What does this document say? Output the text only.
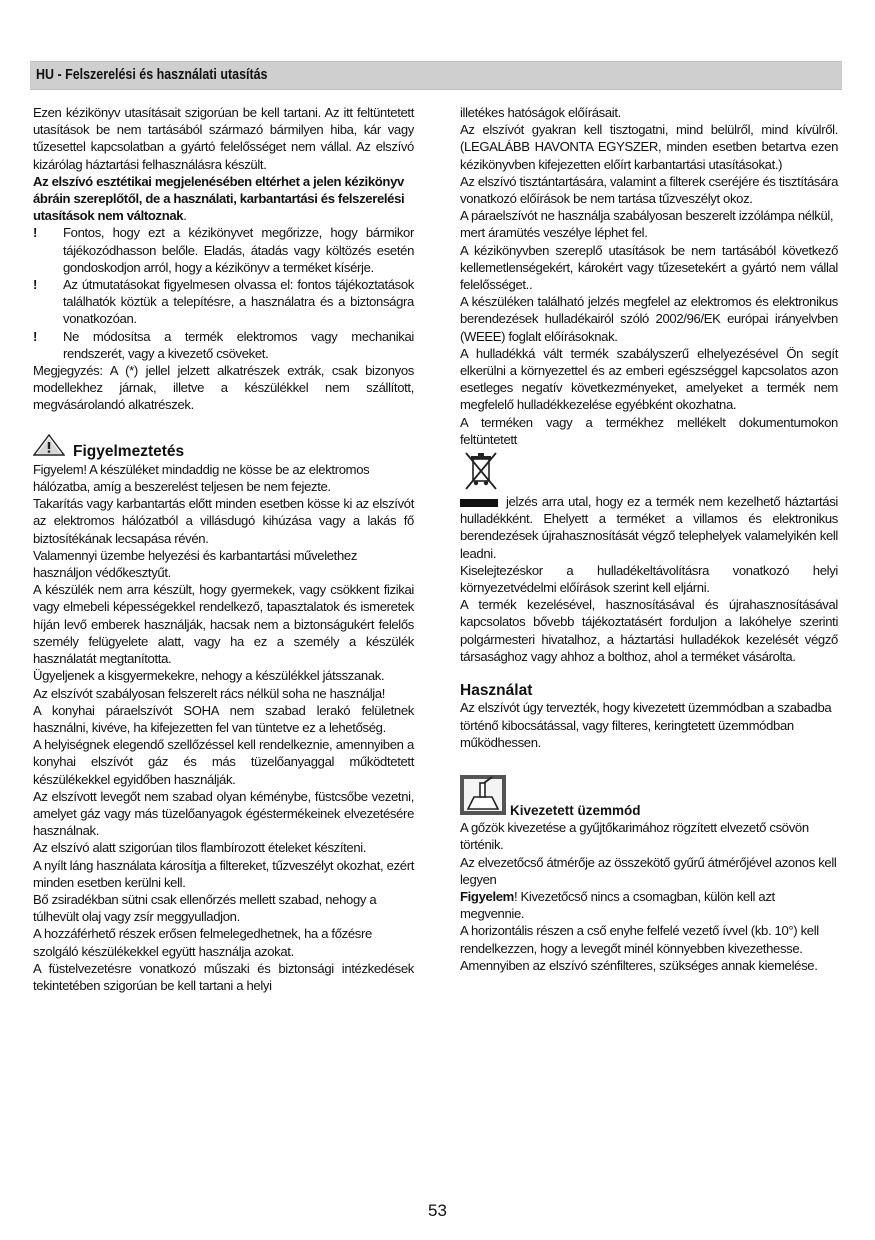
HU - Felszerelési és használati utasítás

Ezen kézikönyv utasításait szigorúan be kell tartani. Az itt feltüntetett utasítások be nem tartásából származó bármilyen hiba, kár vagy tűzesettel kapcsolatban a gyártó felelősséget nem vállal. Az elszívó kizárólag háztartási felhasználásra készült.

Az elszívó esztétikai megjelenésében eltérhet a jelen kézikönyv ábráin szereplőtől, de a használati, karbantartási és felszerelési utasítások nem változnak.

! Fontos, hogy ezt a kézikönyvet megőrizze, hogy bármikor tájékozódhasson belőle. Eladás, átadás vagy költözés esetén gondoskodjon arról, hogy a kézikönyv a terméket kísérje.
! Az útmutatásokat figyelmesen olvassa el: fontos tájékoztatások találhatók köztük a telepítésre, a használatra és a biztonságra vonatkozóan.
! Ne módosítsa a termék elektromos vagy mechanikai rendszerét, vagy a kivezető csöveket.

Megjegyzés: A (*) jellel jelzett alkatrészek extrák, csak bizonyos modellekhez járnak, illetve a készülékkel nem szállított, megvásárolandó alkatrészek.

Figyelmeztetés

Figyelem! A készüléket mindaddig ne kösse be az elektromos hálózatba, amíg a beszerelést teljesen be nem fejezte.

Takarítás vagy karbantartás előtt minden esetben kösse ki az elszívót az elektromos hálózatból a villásdugó kihúzása vagy a lakás fő biztosítékának lecsapása révén.

Valamennyi üzembe helyezési és karbantartási művelethez használjon védőkesztyűt.

A készülék nem arra készült, hogy gyermekek, vagy csökkent fizikai vagy elmebeli képességekkel rendelkező, tapasztalatok és ismeretek híján levő emberek használják, hacsak nem a biztonságukért felelős személy felügyelete alatt, vagy ha ez a személy a készülék használatát megtanította.

Ügyeljenek a kisgyermekekre, nehogy a készülékkel játsszanak.

Az elszívót szabályosan felszerelt rács nélkül soha ne használja!

A konyhai páraelszívót SOHA nem szabad lerakó felületnek használni, kivéve, ha kifejezetten fel van tüntetve ez a lehetőség.

A helyiségnek elegendő szellőzéssel kell rendelkeznie, amennyiben a konyhai elszívót gáz és más tüzelőanyaggal működtetett készülékekkel egyidőben használják.

Az elszívott levegőt nem szabad olyan kéménybe, füstcsőbe vezetni, amelyet gáz vagy más tüzelőanyagok égéstermékeinek elvezetésére használnak.

Az elszívó alatt szigorúan tilos flambírozott ételeket készíteni.

A nyílt láng használata károsítja a filtereket, tűzveszélyt okozhat, ezért minden esetben kerülni kell.

Bő zsiradékban sütni csak ellenőrzés mellett szabad, nehogy a túlhevült olaj vagy zsír meggyulladjon.

A hozzáférhető részek erősen felmelegedhetnek, ha a főzésre szolgáló készülékekkel együtt használja azokat.

A füstelvezetésre vonatkozó műszaki és biztonsági intézkedések tekintetében szigorúan be kell tartani a helyi

illetékes hatóságok előírásait.

Az elszívót gyakran kell tisztogatni, mind belülről, mind kívülről. (LEGALÁBB HAVONTA EGYSZER, minden esetben betartva ezen kézikönyvben kifejezetten előírt karbantartási utasításokat.)

Az elszívó tisztántartására, valamint a filterek cseréjére és tisztítására vonatkozó előírások be nem tartása tűzveszélyt okoz.

A páraelszívót ne használja szabályosan beszerelt izzólámpa nélkül, mert áramütés veszélye léphet fel.

A kézikönyvben szereplő utasítások be nem tartásából következő kellemetlenségekért, károkért vagy tűzesetekért a gyártó nem vállal felelősséget..

A készüléken található jelzés megfelel az elektromos és elektronikus berendezések hulladékairól szóló 2002/96/EK európai irányelvben (WEEE) foglalt előírásoknak.

A hulladékká vált termék szabályszerű elhelyezésével Ön segít elkerülni a környezettel és az emberi egészséggel kapcsolatos azon esetleges negatív következményeket, amelyeket a termék nem megfelelő hulladékkezelése egyébként okozhatna.

A terméken vagy a termékhez mellékelt dokumentumokon feltüntetett

jelzés arra utal, hogy ez a termék nem kezelhető háztartási hulladékként. Ehelyett a terméket a villamos és elektronikus berendezések újrahasznosítását végző telephelyek valamelyikén kell leadni.

Kiselejtezéskor a hulladékeltávolításra vonatkozó helyi környezetvédelmi előírások szerint kell eljárni.

A termék kezelésével, hasznosításával és újrahasznosításával kapcsolatos bővebb tájékoztatásért forduljon a lakóhelye szerinti polgármesteri hivatalhoz, a háztartási hulladékok kezelését végző társasághoz vagy ahhoz a bolthoz, ahol a terméket vásárolta.

Használat

Az elszívót úgy tervezték, hogy kivezetett üzemmódban a szabadba történő kibocsátással, vagy filteres, keringtetett üzemmódban működhessen.

Kivezetett üzemmód

A gőzök kivezetése a gyűjtőkarimához rögzített elvezető csövön történik.

Az elvezetőcső átmérője az összekötő gyűrű átmérőjével azonos kell legyen

Figyelem! Kivezetőcső nincs a csomagban, külön kell azt megvennie.

A horizontális részen a cső enyhe felfelé vezető ívvel (kb. 10°) kell rendelkezzen, hogy a levegőt minél könnyebben kivezethesse.

Amennyiben az elszívó szénfilteres, szükséges annak kiemelése.

53
